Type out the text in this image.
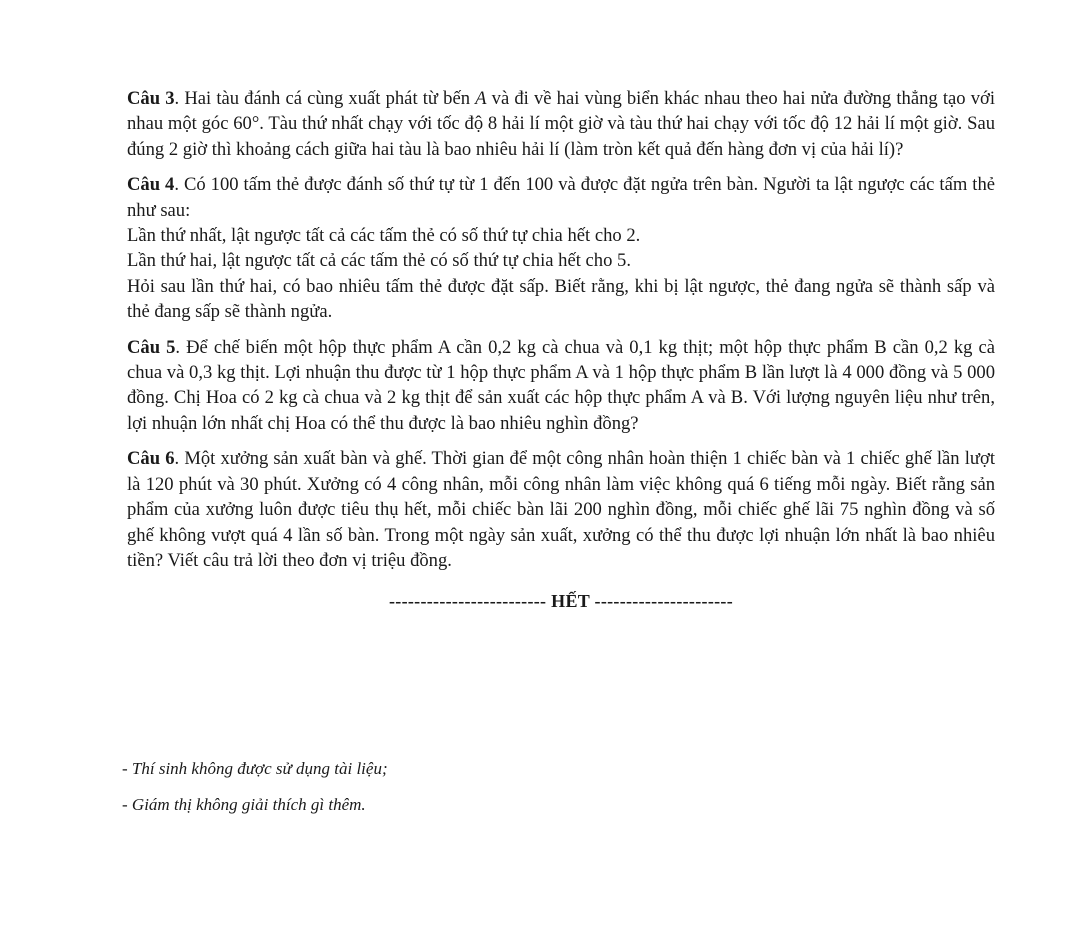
Câu 3. Hai tàu đánh cá cùng xuất phát từ bến A và đi về hai vùng biển khác nhau theo hai nửa đường thẳng tạo với nhau một góc 60°. Tàu thứ nhất chạy với tốc độ 8 hải lí một giờ và tàu thứ hai chạy với tốc độ 12 hải lí một giờ. Sau đúng 2 giờ thì khoảng cách giữa hai tàu là bao nhiêu hải lí (làm tròn kết quả đến hàng đơn vị của hải lí)?

Câu 4. Có 100 tấm thẻ được đánh số thứ tự từ 1 đến 100 và được đặt ngửa trên bàn. Người ta lật ngược các tấm thẻ như sau:

Lần thứ nhất, lật ngược tất cả các tấm thẻ có số thứ tự chia hết cho 2.

Lần thứ hai, lật ngược tất cả các tấm thẻ có số thứ tự chia hết cho 5.

Hỏi sau lần thứ hai, có bao nhiêu tấm thẻ được đặt sấp. Biết rằng, khi bị lật ngược, thẻ đang ngửa sẽ thành sấp và thẻ đang sấp sẽ thành ngửa.

Câu 5. Để chế biến một hộp thực phẩm A cần 0,2 kg cà chua và 0,1 kg thịt; một hộp thực phẩm B cần 0,2 kg cà chua và 0,3 kg thịt. Lợi nhuận thu được từ 1 hộp thực phẩm A và 1 hộp thực phẩm B lần lượt là 4 000 đồng và 5 000 đồng. Chị Hoa có 2 kg cà chua và 2 kg thịt để sản xuất các hộp thực phẩm A và B. Với lượng nguyên liệu như trên, lợi nhuận lớn nhất chị Hoa có thể thu được là bao nhiêu nghìn đồng?

Câu 6. Một xưởng sản xuất bàn và ghế. Thời gian để một công nhân hoàn thiện 1 chiếc bàn và 1 chiếc ghế lần lượt là 120 phút và 30 phút. Xưởng có 4 công nhân, mỗi công nhân làm việc không quá 6 tiếng mỗi ngày. Biết rằng sản phẩm của xưởng luôn được tiêu thụ hết, mỗi chiếc bàn lãi 200 nghìn đồng, mỗi chiếc ghế lãi 75 nghìn đồng và số ghế không vượt quá 4 lần số bàn. Trong một ngày sản xuất, xưởng có thể thu được lợi nhuận lớn nhất là bao nhiêu tiền? Viết câu trả lời theo đơn vị triệu đồng.

------------------------- HẾT ----------------------

- Thí sinh không được sử dụng tài liệu;

- Giám thị không giải thích gì thêm.
